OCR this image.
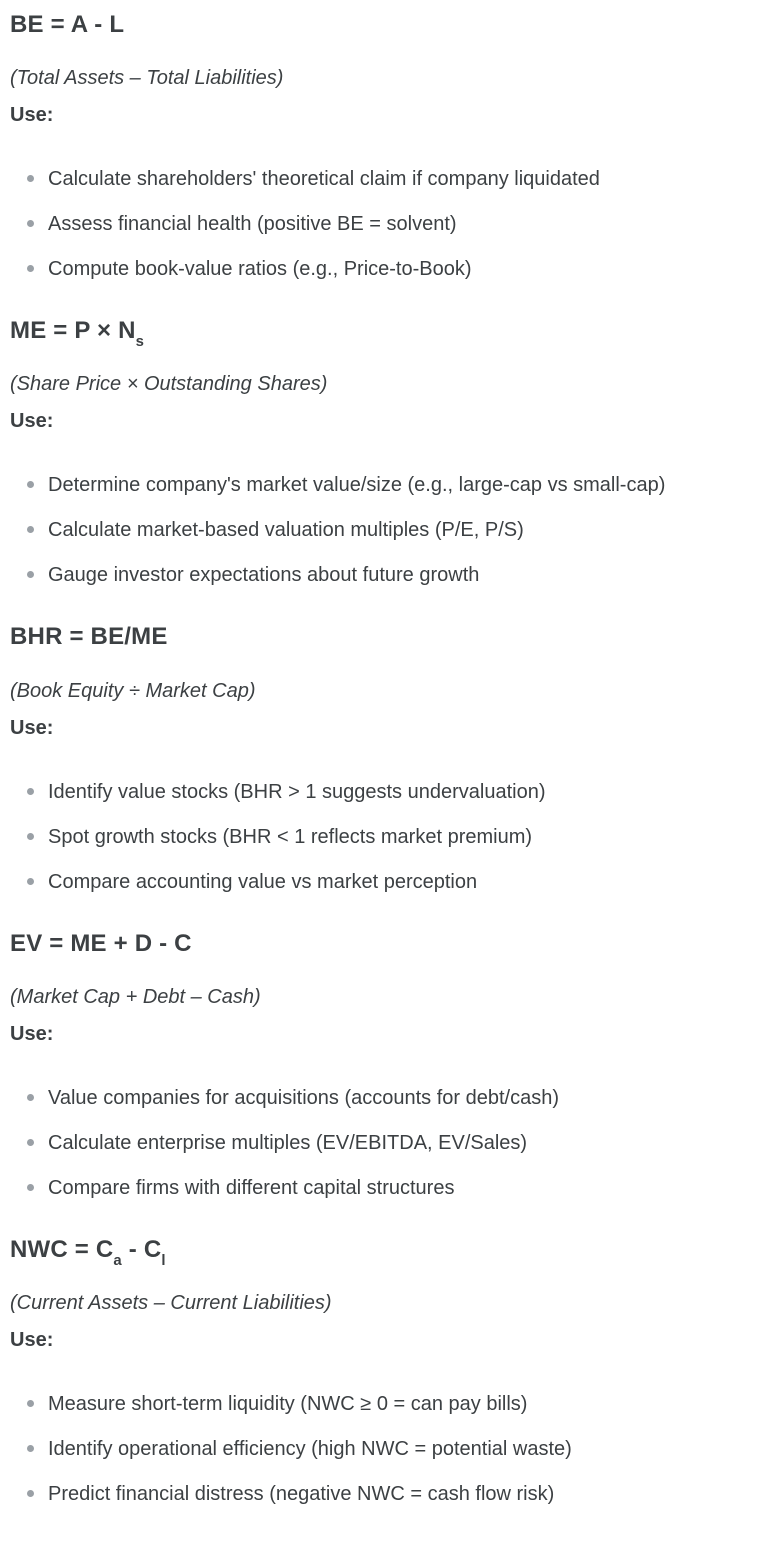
BE = A - L

(Total Assets – Total Liabilities)

Use:

Calculate shareholders' theoretical claim if company liquidated
Assess financial health (positive BE = solvent)
Compute book-value ratios (e.g., Price-to-Book)
ME = $P \times N_s$

(Share Price × Outstanding Shares)

Use:

Determine company's market value/size (e.g., large-cap vs small-cap)
Calculate market-based valuation multiples (P/E, P/S)
Gauge investor expectations about future growth
BHR = BE/ME

(Book Equity ÷ Market Cap)

Use:

Identify value stocks (BHR > 1 suggests undervaluation)
Spot growth stocks (BHR < 1 reflects market premium)
Compare accounting value vs market perception
EV = ME + D - C

(Market Cap + Debt – Cash)

Use:

Value companies for acquisitions (accounts for debt/cash)
Calculate enterprise multiples (EV/EBITDA, EV/Sales)
Compare firms with different capital structures
NWC = $C_a - C_l$

(Current Assets – Current Liabilities)

Use:

Measure short-term liquidity (NWC ≥ 0 = can pay bills)
Identify operational efficiency (high NWC = potential waste)
Predict financial distress (negative NWC = cash flow risk)
